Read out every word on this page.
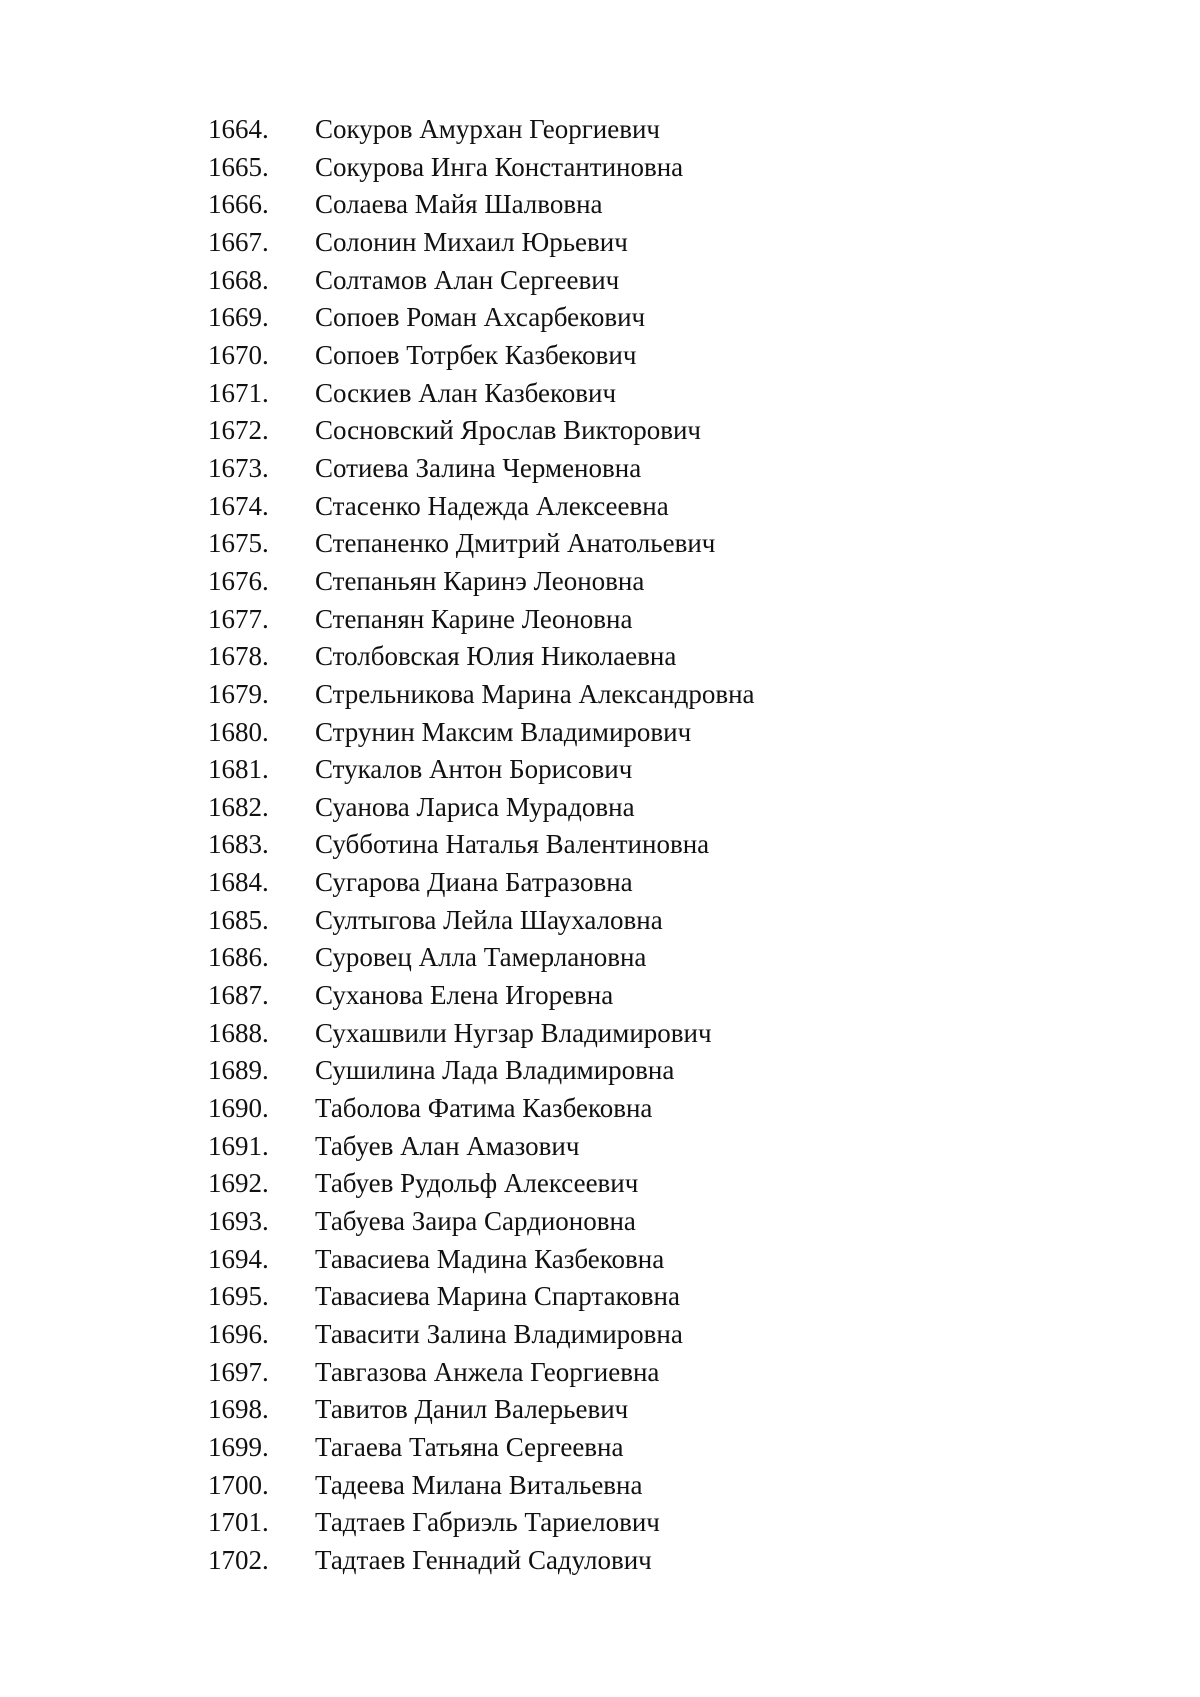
1664.	Сокуров Амурхан Георгиевич
1665.	Сокурова Инга Константиновна
1666.	Солаева Майя Шалвовна
1667.	Солонин Михаил Юрьевич
1668.	Солтамов Алан Сергеевич
1669.	Сопоев Роман Ахсарбекович
1670.	Сопоев Тотрбек Казбекович
1671.	Соскиев Алан Казбекович
1672.	Сосновский Ярослав Викторович
1673.	Сотиева Залина Черменовна
1674.	Стасенко Надежда Алексеевна
1675.	Степаненко Дмитрий Анатольевич
1676.	Степаньян Каринэ Леоновна
1677.	Степанян Карине Леоновна
1678.	Столбовская Юлия Николаевна
1679.	Стрельникова Марина Александровна
1680.	Струнин Максим Владимирович
1681.	Стукалов Антон Борисович
1682.	Суанова Лариса Мурадовна
1683.	Субботина Наталья Валентиновна
1684.	Сугарова Диана Батразовна
1685.	Султыгова Лейла Шаухаловна
1686.	Суровец Алла Тамерлановна
1687.	Суханова Елена Игоревна
1688.	Сухашвили Нугзар Владимирович
1689.	Сушилина Лада Владимировна
1690.	Таболова Фатима Казбековна
1691.	Табуев Алан Амазович
1692.	Табуев Рудольф Алексеевич
1693.	Табуева Заира Сардионовна
1694.	Тавасиева Мадина Казбековна
1695.	Тавасиева Марина Спартаковна
1696.	Тавасити Залина Владимировна
1697.	Тавгазова Анжела Георгиевна
1698.	Тавитов Данил Валерьевич
1699.	Тагаева Татьяна Сергеевна
1700.	Тадеева Милана Витальевна
1701.	Тадтаев Габриэль Тариелович
1702.	Тадтаев Геннадий Садулович
